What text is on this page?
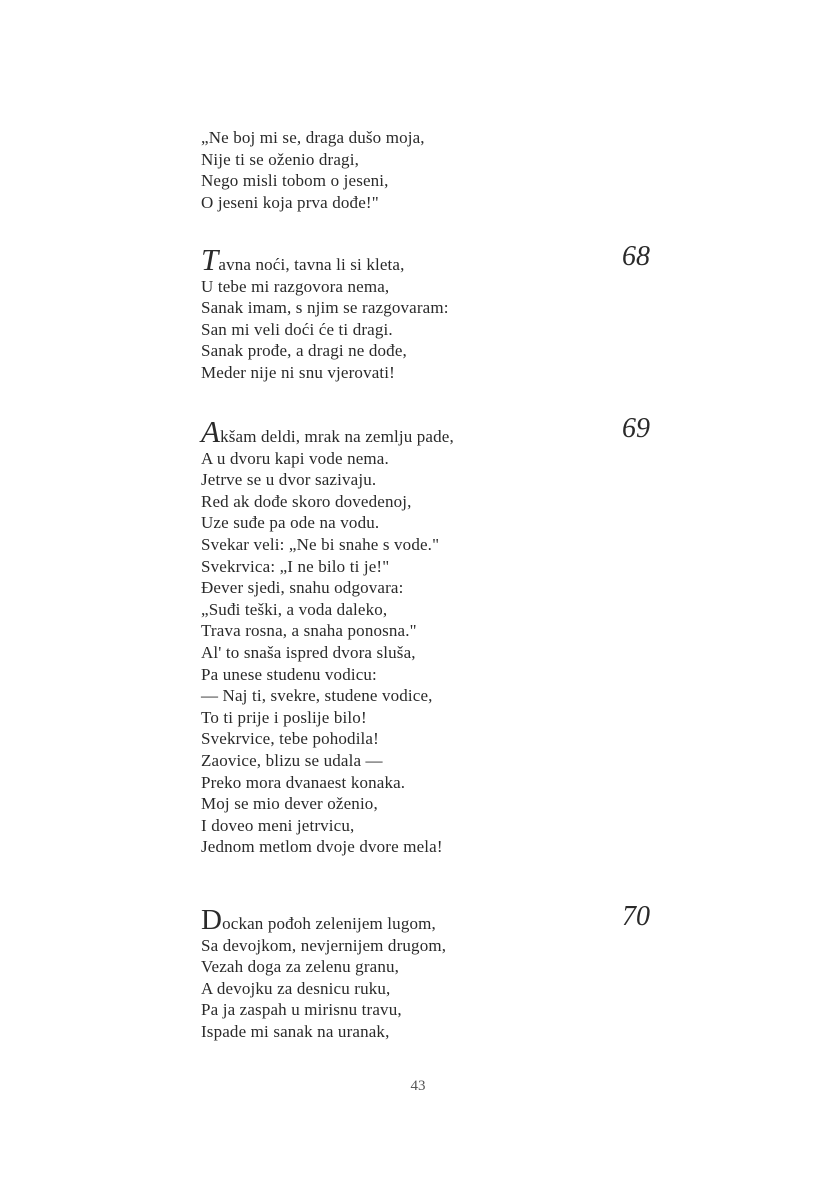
„Ne boj mi se, draga dušo moja,
Nije ti se oženio dragi,
Nego misli tobom o jeseni,
O jeseni koja prva dođe!"
68
Tavna noći, tavna li si kleta,
U tebe mi razgovora nema,
Sanak imam, s njim se razgovaram:
San mi veli doći će ti dragi.
Sanak prođe, a dragi ne dođe,
Meder nije ni snu vjerovati!
69
Akšam deldi, mrak na zemlju pade,
A u dvoru kapi vode nema.
Jetrve se u dvor sazivaju.
Red ak dođe skoro dovedenoj,
Uze suđe pa ode na vodu.
Svekar veli: „Ne bi snahe s vode."
Svekrvica: „I ne bilo ti je!"
Đever sjedi, snahu odgovara:
„Suđi teški, a voda daleko,
Trava rosna, a snaha ponosna."
Al' to snaša ispred dvora sluša,
Pa unese studenu vodicu:
— Naj ti, svekre, studene vodice,
To ti prije i poslije bilo!
Svekrvice, tebe pohodila!
Zaovice, blizu se udala —
Preko mora dvanaest konaka.
Moj se mio dever oženio,
I doveo meni jetrvicu,
Jednom metlom dvoje dvore mela!
70
Dockan pođoh zelenijem lugom,
Sa devojkom, nevjernijem drugom,
Vezah doga za zelenu granu,
A devojku za desnicu ruku,
Pa ja zaspah u mirisnu travu,
Ispade mi sanak na uranak,
43
